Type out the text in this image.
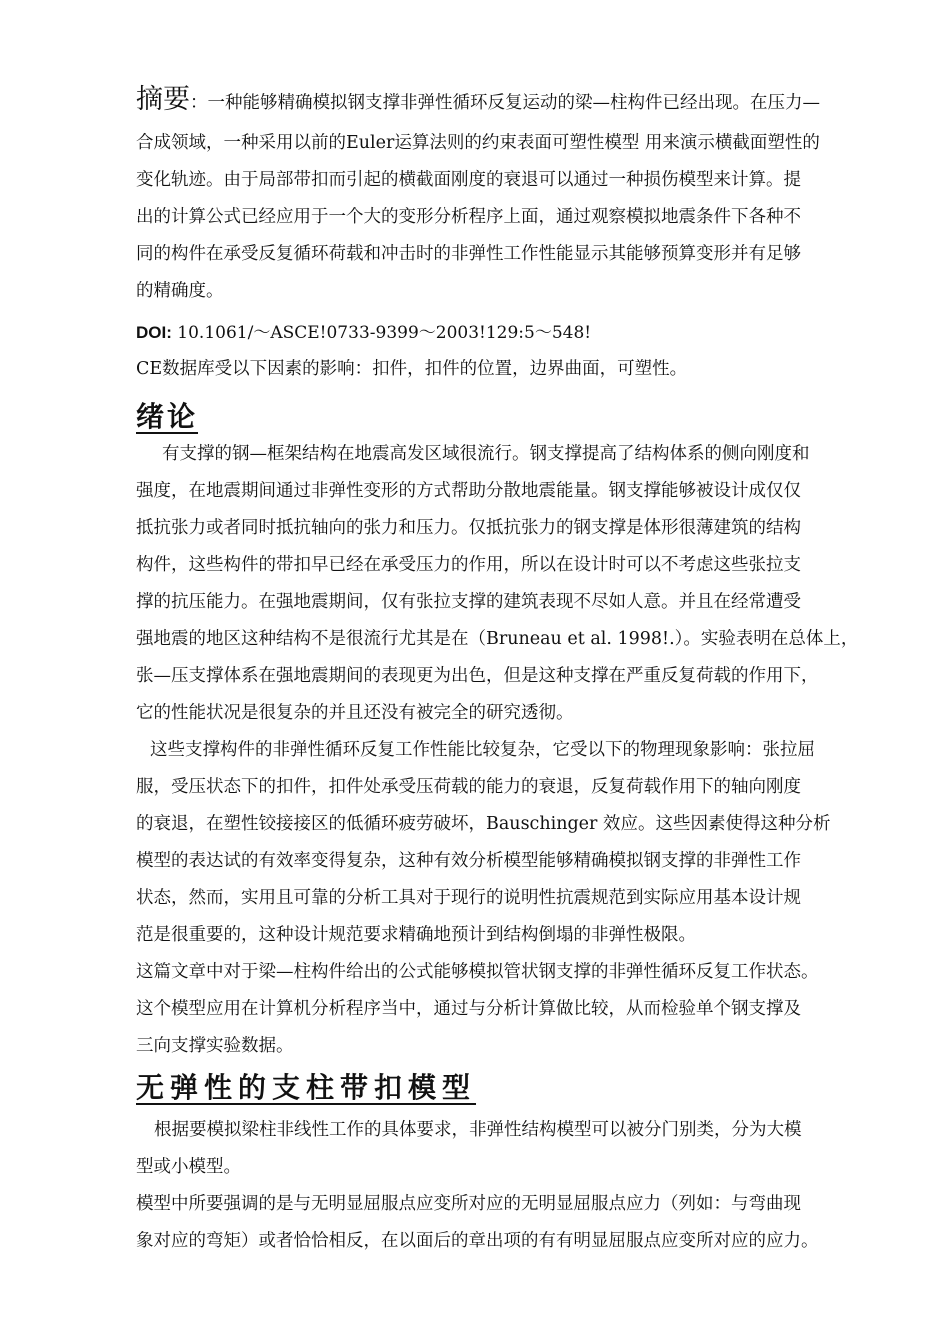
摘要：一种能够精确模拟钢支撑非弹性循环反复运动的梁—柱构件已经出现。在压力—
合成领域，一种采用以前的Euler运算法则的约束表面可塑性模型 用来演示横截面塑性的
变化轨迹。由于局部带扣而引起的横截面刚度的衰退可以通过一种损伤模型来计算。提
出的计算公式已经应用于一个大的变形分析程序上面，通过观察模拟地震条件下各种不
同的构件在承受反复循环荷载和冲击时的非弹性工作性能显示其能够预算变形并有足够
的精确度。
DOI: 10.1061/～ASCE!0733-9399～2003!129:5～548!
CE数据库受以下因素的影响：扣件，扣件的位置，边界曲面，可塑性。
绪论
有支撑的钢—框架结构在地震高发区域很流行。钢支撑提高了结构体系的侧向刚度和
强度，在地震期间通过非弹性变形的方式帮助分散地震能量。钢支撑能够被设计成仅仅
抵抗张力或者同时抵抗轴向的张力和压力。仅抵抗张力的钢支撑是体形很薄建筑的结构
构件，这些构件的带扣早已经在承受压力的作用，所以在设计时可以不考虑这些张拉支
撑的抗压能力。在强地震期间，仅有张拉支撑的建筑表现不尽如人意。并且在经常遭受
强地震的地区这种结构不是很流行尤其是在（Bruneau et al. 1998!.）。实验表明在总体上，
张—压支撑体系在强地震期间的表现更为出色，但是这种支撑在严重反复荷载的作用下，
它的性能状况是很复杂的并且还没有被完全的研究透彻。
这些支撑构件的非弹性循环反复工作性能比较复杂，它受以下的物理现象影响：张拉屈
服，受压状态下的扣件，扣件处承受压荷载的能力的衰退，反复荷载作用下的轴向刚度
的衰退，在塑性铰接接区的低循环疲劳破坏，Bauschinger 效应。这些因素使得这种分析
模型的表达试的有效率变得复杂，这种有效分析模型能够精确模拟钢支撑的非弹性工作
状态，然而，实用且可靠的分析工具对于现行的说明性抗震规范到实际应用基本设计规
范是很重要的，这种设计规范要求精确地预计到结构倒塌的非弹性极限。
这篇文章中对于梁—柱构件给出的公式能够模拟管状钢支撑的非弹性循环反复工作状态。
这个模型应用在计算机分析程序当中，通过与分析计算做比较，从而检验单个钢支撑及
三向支撑实验数据。
无弹性的支柱带扣模型
根据要模拟梁柱非线性工作的具体要求，非弹性结构模型可以被分门别类，分为大模
型或小模型。
模型中所要强调的是与无明显屈服点应变所对应的无明显屈服点应力（列如：与弯曲现
象对应的弯矩）或者恰恰相反，在以面后的章出项的有有明显屈服点应变所对应的应力。
